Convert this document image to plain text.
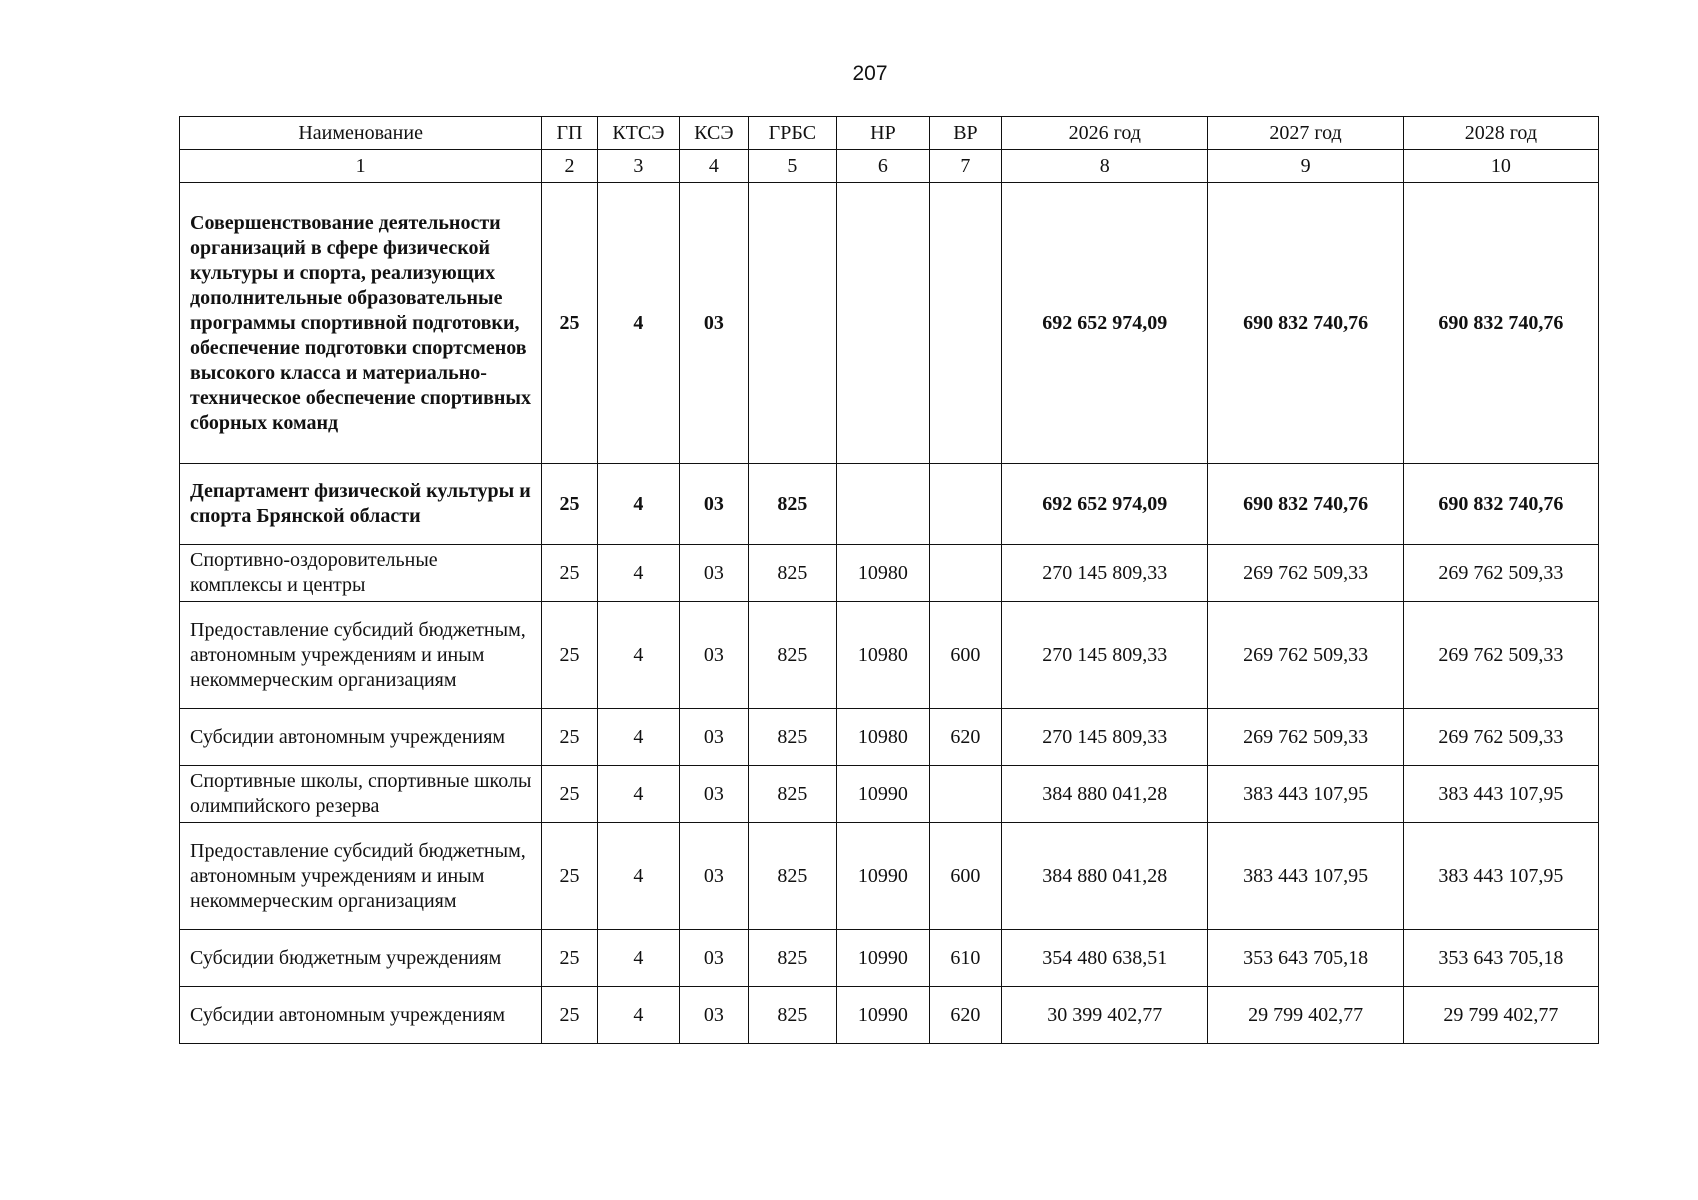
207
Наименование	ГП	КТСЭ	КСЭ	ГРБС	НР	ВР	2026 год	2027 год	2028 год
1	2	3	4	5	6	7	8	9	10
Совершенствование деятельности организаций в сфере физической культуры и спорта, реализующих дополнительные образовательные программы спортивной подготовки, обеспечение подготовки спортсменов высокого класса и материально-техническое обеспечение спортивных сборных команд	25	4	03				692 652 974,09	690 832 740,76	690 832 740,76
Департамент физической культуры и спорта Брянской области	25	4	03	825			692 652 974,09	690 832 740,76	690 832 740,76
Спортивно-оздоровительные комплексы и центры	25	4	03	825	10980		270 145 809,33	269 762 509,33	269 762 509,33
Предоставление субсидий бюджетным, автономным учреждениям и иным некоммерческим организациям	25	4	03	825	10980	600	270 145 809,33	269 762 509,33	269 762 509,33
Субсидии автономным учреждениям	25	4	03	825	10980	620	270 145 809,33	269 762 509,33	269 762 509,33
Спортивные школы, спортивные школы олимпийского резерва	25	4	03	825	10990		384 880 041,28	383 443 107,95	383 443 107,95
Предоставление субсидий бюджетным, автономным учреждениям и иным некоммерческим организациям	25	4	03	825	10990	600	384 880 041,28	383 443 107,95	383 443 107,95
Субсидии бюджетным учреждениям	25	4	03	825	10990	610	354 480 638,51	353 643 705,18	353 643 705,18
Субсидии автономным учреждениям	25	4	03	825	10990	620	30 399 402,77	29 799 402,77	29 799 402,77
